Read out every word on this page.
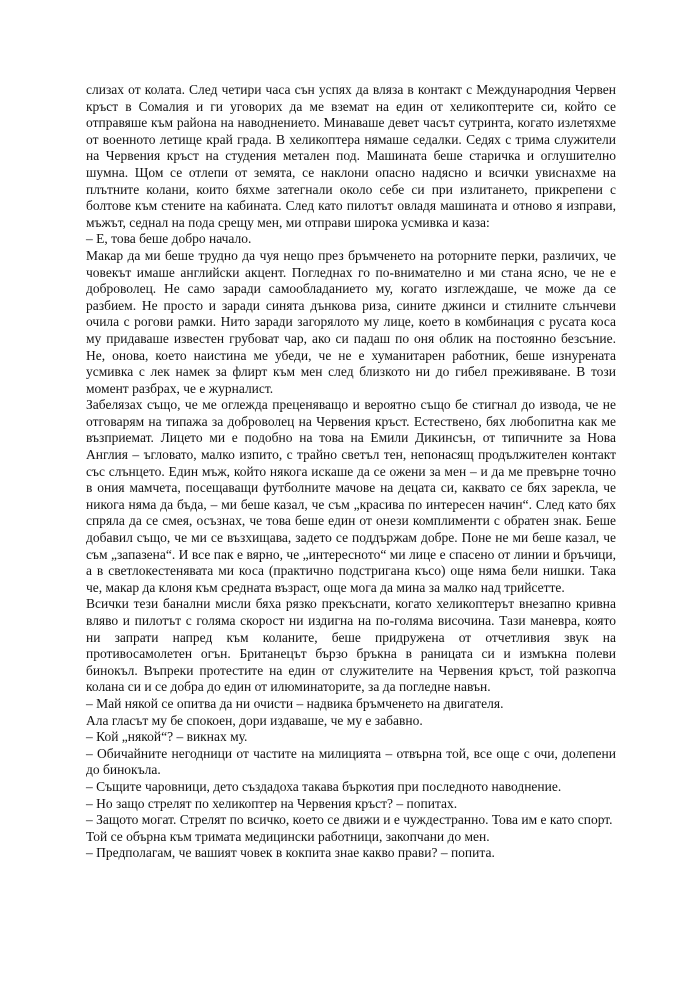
слизах от колата. След четири часа сън успях да вляза в контакт с Международния Червен кръст в Сомалия и ги уговорих да ме вземат на един от хеликоптерите си, който се отправяше към района на наводнението. Минаваше девет часът сутринта, когато излетяхме от военното летище край града. В хеликоптера нямаше седалки. Седях с трима служители на Червения кръст на студения метален под. Машината беше старичка и оглушително шумна. Щом се отлепи от земята, се наклони опасно надясно и всички увиснахме на плътните колани, които бяхме затегнали около себе си при излитането, прикрепени с болтове към стените на кабината. След като пилотът овладя машината и отново я изправи, мъжът, седнал на пода срещу мен, ми отправи широка усмивка и каза:

– Е, това беше добро начало.

Макар да ми беше трудно да чуя нещо през бръмченето на роторните перки, различих, че човекът имаше английски акцент. Погледнах го по-внимателно и ми стана ясно, че не е доброволец. Не само заради самообладанието му, когато изглеждаше, че може да се разбием. Не просто и заради синята дънкова риза, сините джинси и стилните слънчеви очила с рогови рамки. Нито заради загорялото му лице, което в комбинация с русата коса му придаваше известен грубоват чар, ако си падаш по оня облик на постоянно безсъние. Не, онова, което наистина ме убеди, че не е хуманитарен работник, беше изнурената усмивка с лек намек за флирт към мен след близкото ни до гибел преживяване. В този момент разбрах, че е журналист.

Забелязах също, че ме оглежда преценяващо и вероятно също бе стигнал до извода, че не отговарям на типажа за доброволец на Червения кръст. Естествено, бях любопитна как ме възприемат. Лицето ми е подобно на това на Емили Дикинсън, от типичните за Нова Англия – ъгловато, малко изпито, с трайно светъл тен, непонасящ продължителен контакт със слънцето. Един мъж, който някога искаше да се ожени за мен – и да ме превърне точно в ония мамчета, посещаващи футболните мачове на децата си, каквато се бях зарекла, че никога няма да бъда, – ми беше казал, че съм „красива по интересен начин“. След като бях спряла да се смея, осъзнах, че това беше един от онези комплименти с обратен знак. Беше добавил също, че ми се възхищава, задето се поддържам добре. Поне не ми беше казал, че съм „запазена“. И все пак е вярно, че „интересното“ ми лице е спасено от линии и бръчици, а в светлокестенявата ми коса (практично подстригана късо) още няма бели нишки. Така че, макар да клоня към средната възраст, още мога да мина за малко над трийсетте.

Всички тези банални мисли бяха рязко прекъснати, когато хеликоптерът внезапно кривна вляво и пилотът с голяма скорост ни издигна на по-голяма височина. Тази маневра, която ни запрати напред към коланите, беше придружена от отчетливия звук на противосамолетен огън. Британецът бързо бръкна в раницата си и измъкна полеви бинокъл. Въпреки протестите на един от служителите на Червения кръст, той разкопча колана си и се добра до един от илюминаторите, за да погледне навън.

– Май някой се опитва да ни очисти – надвика бръмченето на двигателя.

Ала гласът му бе спокоен, дори издаваше, че му е забавно.

– Кой „някой“? – викнах му.

– Обичайните негодници от частите на милицията – отвърна той, все още с очи, долепени до бинокъла.

– Същите чаровници, дето създадоха такава бъркотия при последното наводнение.

– Но защо стрелят по хеликоптер на Червения кръст? – попитах.

– Защото могат. Стрелят по всичко, което се движи и е чуждестранно. Това им е като спорт.

Той се обърна към тримата медицински работници, закопчани до мен.

– Предполагам, че вашият човек в кокпита знае какво прави? – попита.
